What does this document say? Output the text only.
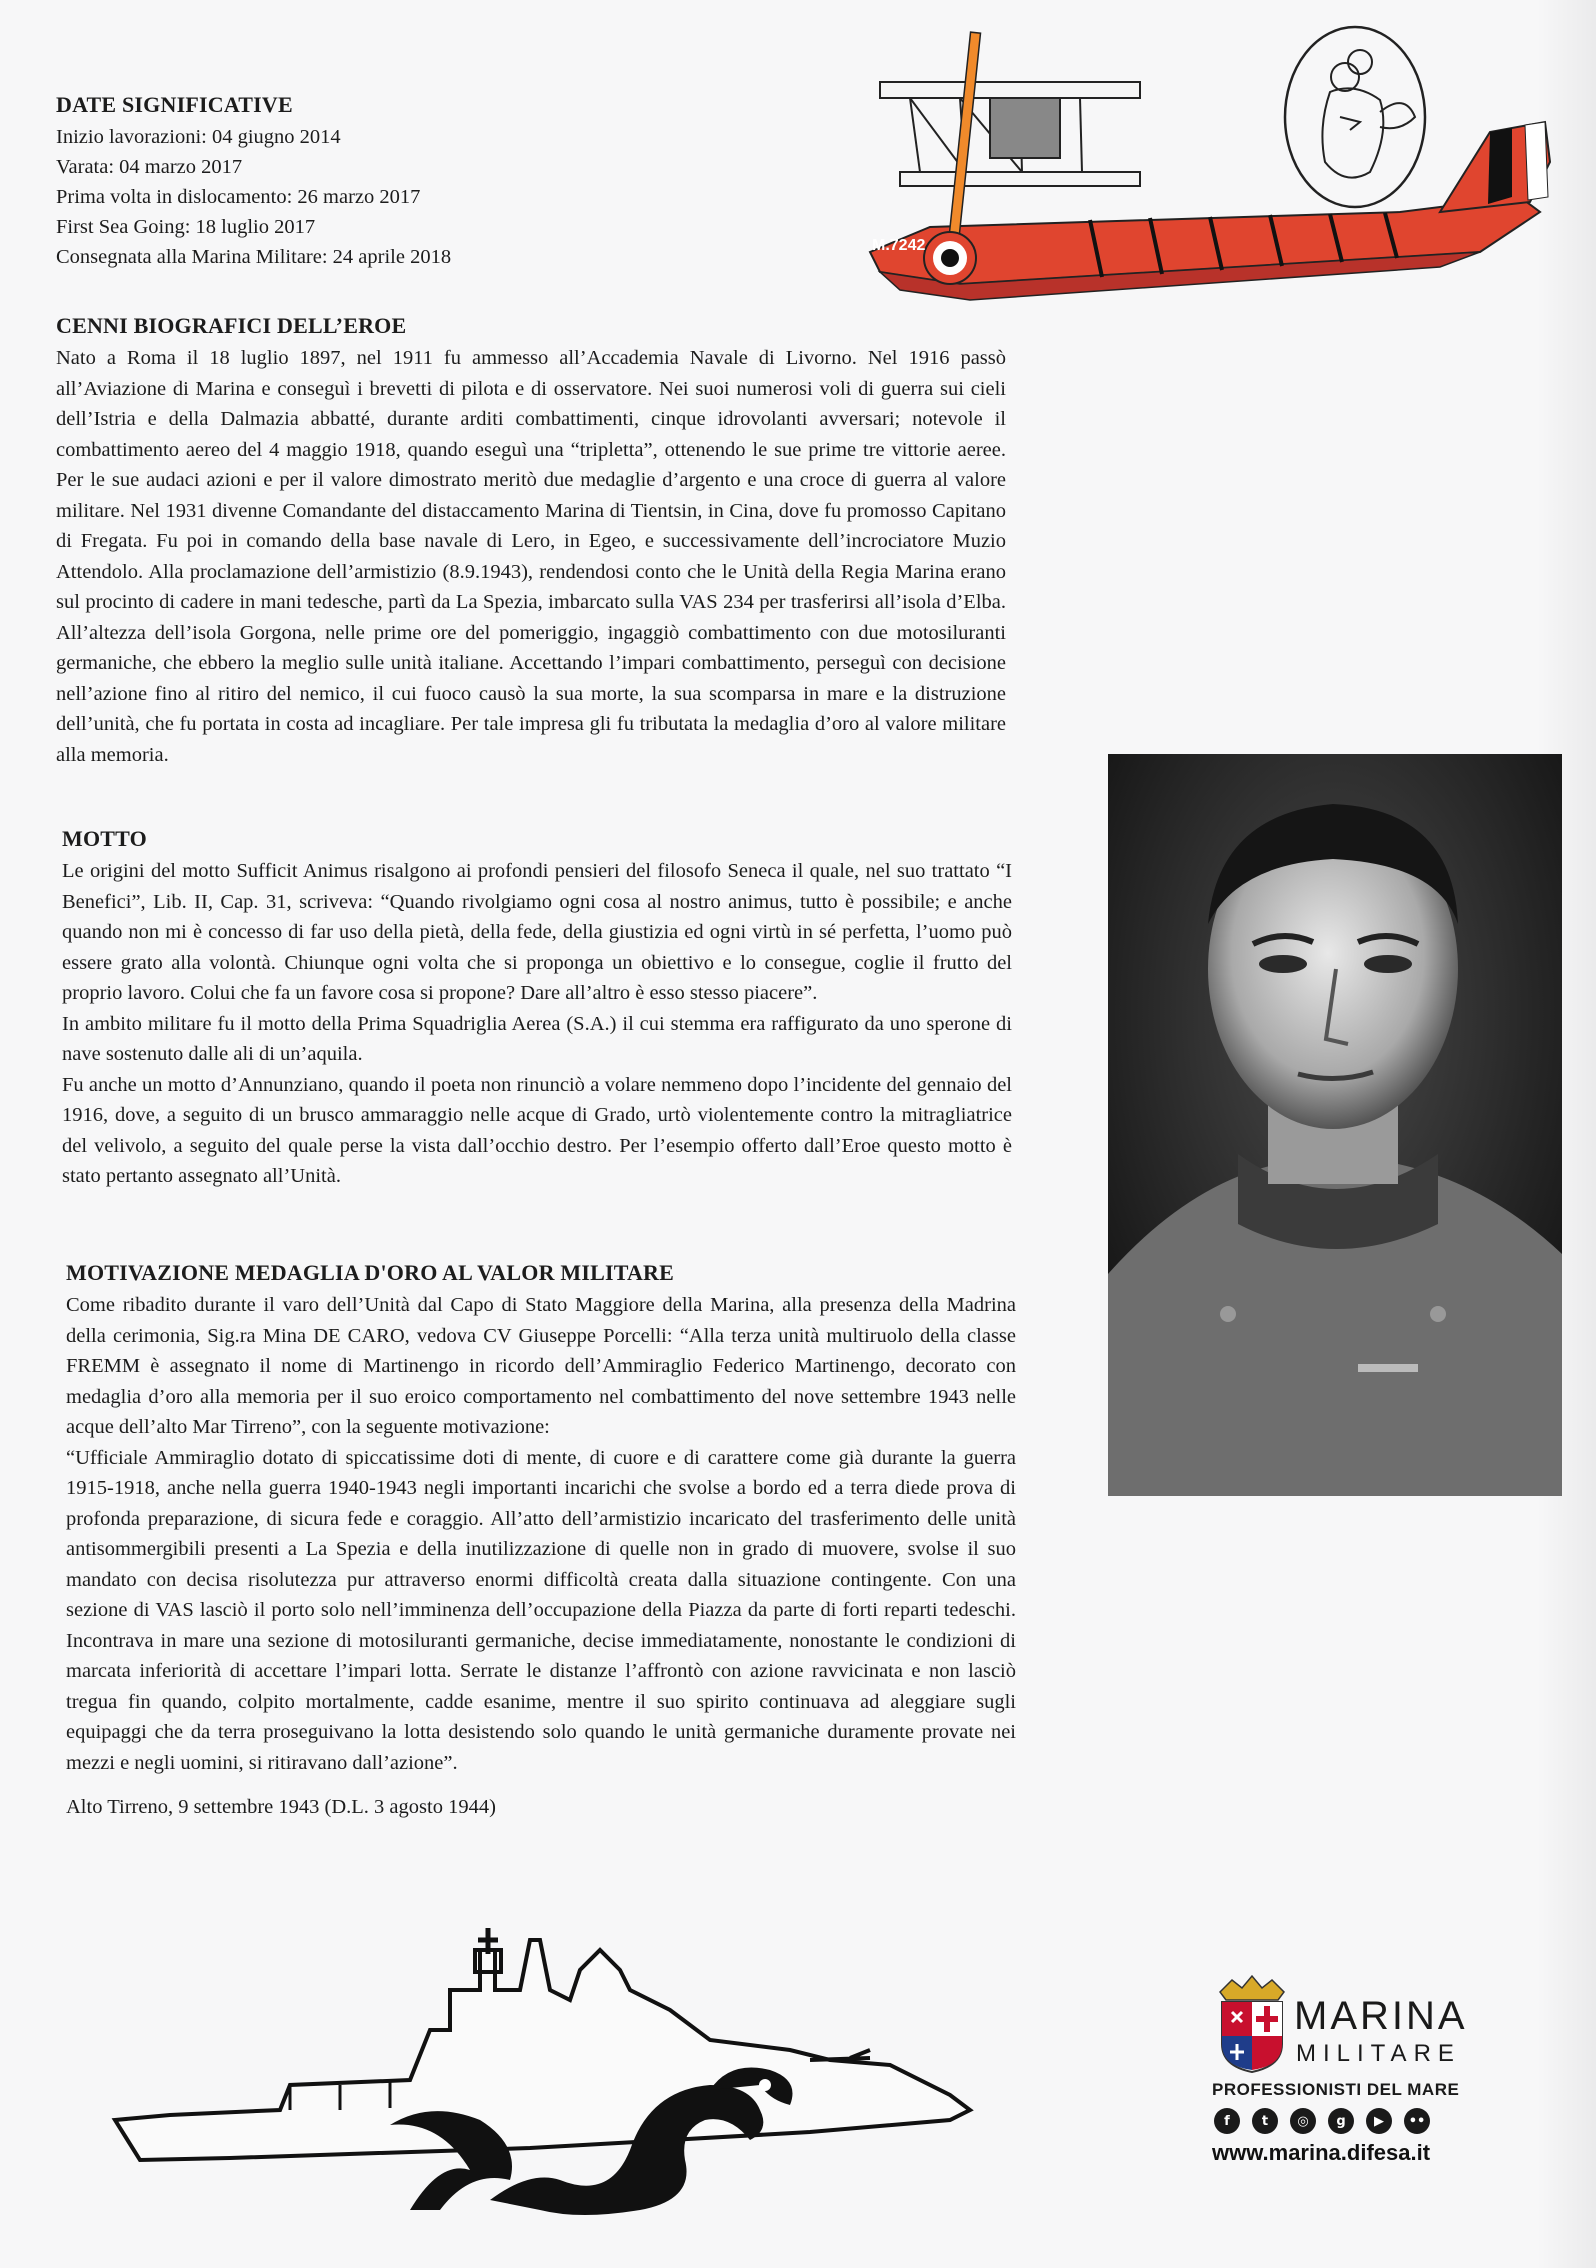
DATE SIGNIFICATIVE
Inizio lavorazioni: 04 giugno 2014
Varata: 04 marzo 2017
Prima volta in dislocamento: 26 marzo 2017
First Sea Going: 18 luglio 2017
Consegnata alla Marina Militare: 24 aprile 2018
M.7242
CENNI BIOGRAFICI DELL’EROE

Nato a Roma il 18 luglio 1897, nel 1911 fu ammesso all’Accademia Navale di Livorno. Nel 1916 passò all’Aviazione di Marina e conseguì i brevetti di pilota e di osservatore. Nei suoi numerosi voli di guerra sui cieli dell’Istria e della Dalmazia abbatté, durante arditi combattimenti, cinque idrovolanti avversari; notevole il combattimento aereo del 4 maggio 1918, quando eseguì una “tripletta”, ottenendo le sue prime tre vittorie aeree. Per le sue audaci azioni e per il valore dimostrato meritò due medaglie d’argento e una croce di guerra al valore militare. Nel 1931 divenne Comandante del distaccamento Marina di Tientsin, in Cina, dove fu promosso Capitano di Fregata. Fu poi in comando della base navale di Lero, in Egeo, e successivamente dell’incrociatore Muzio Attendolo. Alla proclamazione dell’armistizio (8.9.1943), rendendosi conto che le Unità della Regia Marina erano sul procinto di cadere in mani tedesche, partì da La Spezia, imbarcato sulla VAS 234 per trasferirsi all’isola d’Elba. All’altezza dell’isola Gorgona, nelle prime ore del pomeriggio, ingaggiò combattimento con due motosiluranti germaniche, che ebbero la meglio sulle unità italiane. Accettando l’impari combattimento, perseguì con decisione nell’azione fino al ritiro del nemico, il cui fuoco causò la sua morte, la sua scomparsa in mare e la distruzione dell’unità, che fu portata in costa ad incagliare. Per tale impresa gli fu tributata la medaglia d’oro al valore militare alla memoria.

MOTTO

Le origini del motto Sufficit Animus risalgono ai profondi pensieri del filosofo Seneca il quale, nel suo trattato “I Benefici”, Lib. II, Cap. 31, scriveva: “Quando rivolgiamo ogni cosa al nostro animus, tutto è possibile; e anche quando non mi è concesso di far uso della pietà, della fede, della giustizia ed ogni virtù in sé perfetta, l’uomo può essere grato alla volontà. Chiunque ogni volta che si proponga un obiettivo e lo consegue, coglie il frutto del proprio lavoro. Colui che fa un favore cosa si propone? Dare all’altro è esso stesso piacere”.

In ambito militare fu il motto della Prima Squadriglia Aerea (S.A.) il cui stemma era raffigurato da uno sperone di nave sostenuto dalle ali di un’aquila.

Fu anche un motto d’Annunziano, quando il poeta non rinunciò a volare nemmeno dopo l’incidente del gennaio del 1916, dove, a seguito di un brusco ammaraggio nelle acque di Grado, urtò violentemente contro la mitragliatrice del velivolo, a seguito del quale perse la vista dall’occhio destro. Per l’esempio offerto dall’Eroe questo motto è stato pertanto assegnato all’Unità.

MOTIVAZIONE MEDAGLIA D'ORO AL VALOR MILITARE

Come ribadito durante il varo dell’Unità dal Capo di Stato Maggiore della Marina, alla presenza della Madrina della cerimonia, Sig.ra Mina DE CARO, vedova CV Giuseppe Porcelli: “Alla terza unità multiruolo della classe FREMM è assegnato il nome di Martinengo in ricordo dell’Ammiraglio Federico Martinengo, decorato con medaglia d’oro alla memoria per il suo eroico comportamento nel combattimento del nove settembre 1943 nelle acque dell’alto Mar Tirreno”, con la seguente motivazione:

“Ufficiale Ammiraglio dotato di spiccatissime doti di mente, di cuore e di carattere come già durante la guerra 1915-1918, anche nella guerra 1940-1943 negli importanti incarichi che svolse a bordo ed a terra diede prova di profonda preparazione, di sicura fede e coraggio. All’atto dell’armistizio incaricato del trasferimento delle unità antisommergibili presenti a La Spezia e della inutilizzazione di quelle non in grado di muovere, svolse il suo mandato con decisa risolutezza pur attraverso enormi difficoltà creata dalla situazione contingente. Con una sezione di VAS lasciò il porto solo nell’imminenza dell’occupazione della Piazza da parte di forti reparti tedeschi. Incontrava in mare una sezione di motosiluranti germaniche, decise immediatamente, nonostante le condizioni di marcata inferiorità di accettare l’impari lotta. Serrate le distanze l’affrontò con azione ravvicinata e non lasciò tregua fin quando, colpito mortalmente, cadde esanime, mentre il suo spirito continuava ad aleggiare sugli equipaggi che da terra proseguivano la lotta desistendo solo quando le unità germaniche duramente provate nei mezzi e negli uomini, si ritiravano dall’azione”.

Alto Tirreno, 9 settembre 1943 (D.L. 3 agosto 1944)
MARINA
MILITARE
PROFESSIONISTI DEL MARE
f	t	◎	g	▶	••
www.marina.difesa.it
